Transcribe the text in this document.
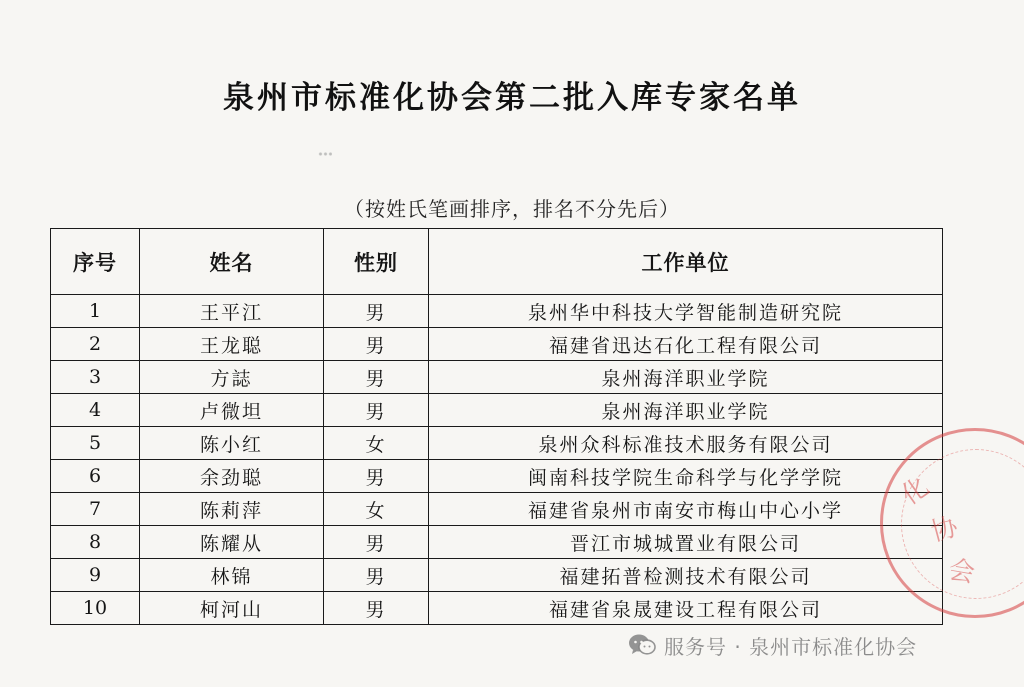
泉州市标准化协会第二批入库专家名单
（按姓氏笔画排序，排名不分先后）
序号	姓名	性别	工作单位
1	王平江	男	泉州华中科技大学智能制造研究院
2	王龙聪	男	福建省迅达石化工程有限公司
3	方誌	男	泉州海洋职业学院
4	卢微坦	男	泉州海洋职业学院
5	陈小红	女	泉州众科标准技术服务有限公司
6	余劲聪	男	闽南科技学院生命科学与化学学院
7	陈莉萍	女	福建省泉州市南安市梅山中心小学
8	陈耀从	男	晋江市城城置业有限公司
9	林锦	男	福建拓普检测技术有限公司
10	柯河山	男	福建省泉晟建设工程有限公司
化
协
会
服务号 · 泉州市标准化协会
